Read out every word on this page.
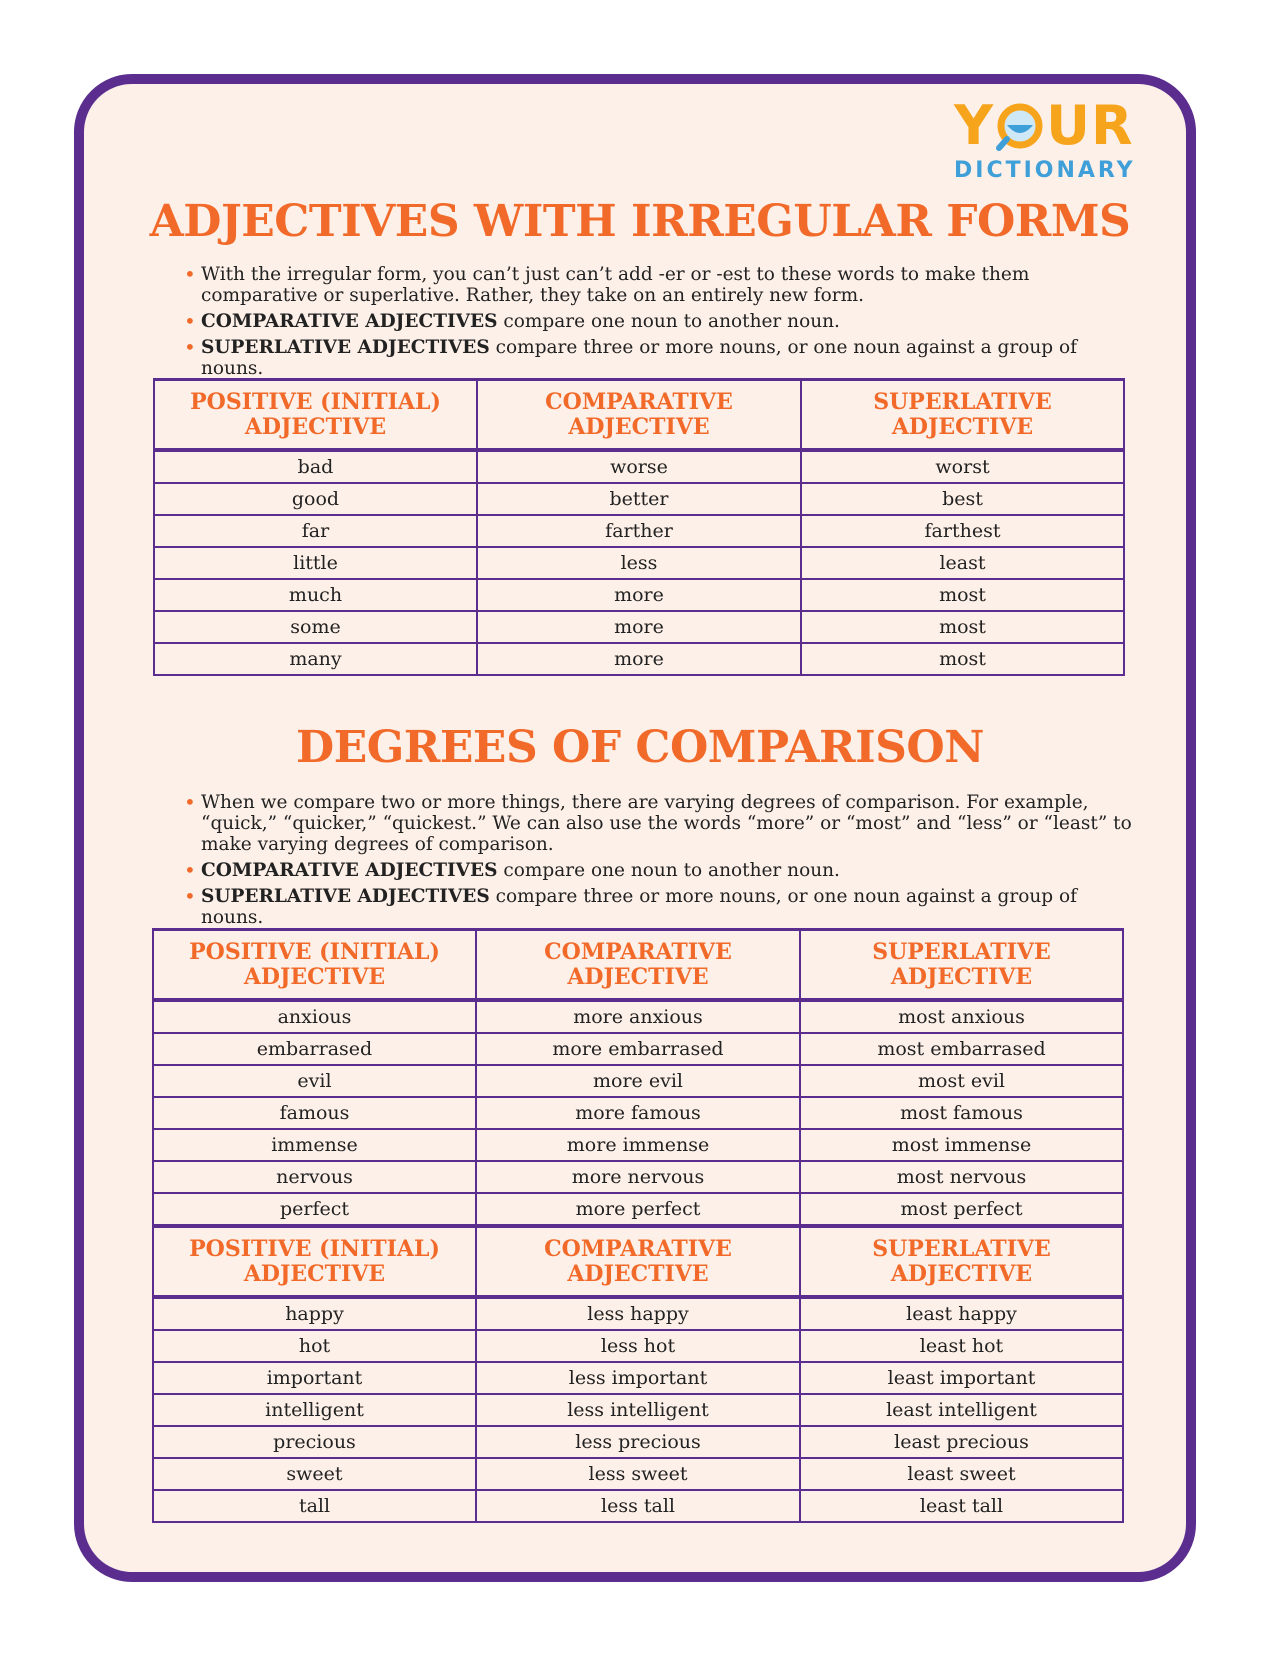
Y UR
DICTIONARY
ADJECTIVES WITH IRREGULAR FORMS
• With the irregular form, you can’t just can’t add -er or -est to these words to make them comparative or superlative. Rather, they take on an entirely new form.
• COMPARATIVE ADJECTIVES compare one noun to another noun.
• SUPERLATIVE ADJECTIVES compare three or more nouns, or one noun against a group of nouns.
POSITIVE (INITIAL) ADJECTIVE	COMPARATIVE ADJECTIVE	SUPERLATIVE ADJECTIVE
bad	worse	worst
good	better	best
far	farther	farthest
little	less	least
much	more	most
some	more	most
many	more	most
DEGREES OF COMPARISON
• When we compare two or more things, there are varying degrees of comparison. For example, “quick,” “quicker,” “quickest.” We can also use the words “more” or “most” and “less” or “least” to make varying degrees of comparison.
• COMPARATIVE ADJECTIVES compare one noun to another noun.
• SUPERLATIVE ADJECTIVES compare three or more nouns, or one noun against a group of nouns.
POSITIVE (INITIAL) ADJECTIVE	COMPARATIVE ADJECTIVE	SUPERLATIVE ADJECTIVE
anxious	more anxious	most anxious
embarrased	more embarrased	most embarrased
evil	more evil	most evil
famous	more famous	most famous
immense	more immense	most immense
nervous	more nervous	most nervous
perfect	more perfect	most perfect
POSITIVE (INITIAL) ADJECTIVE	COMPARATIVE ADJECTIVE	SUPERLATIVE ADJECTIVE
happy	less happy	least happy
hot	less hot	least hot
important	less important	least important
intelligent	less intelligent	least intelligent
precious	less precious	least precious
sweet	less sweet	least sweet
tall	less tall	least tall
